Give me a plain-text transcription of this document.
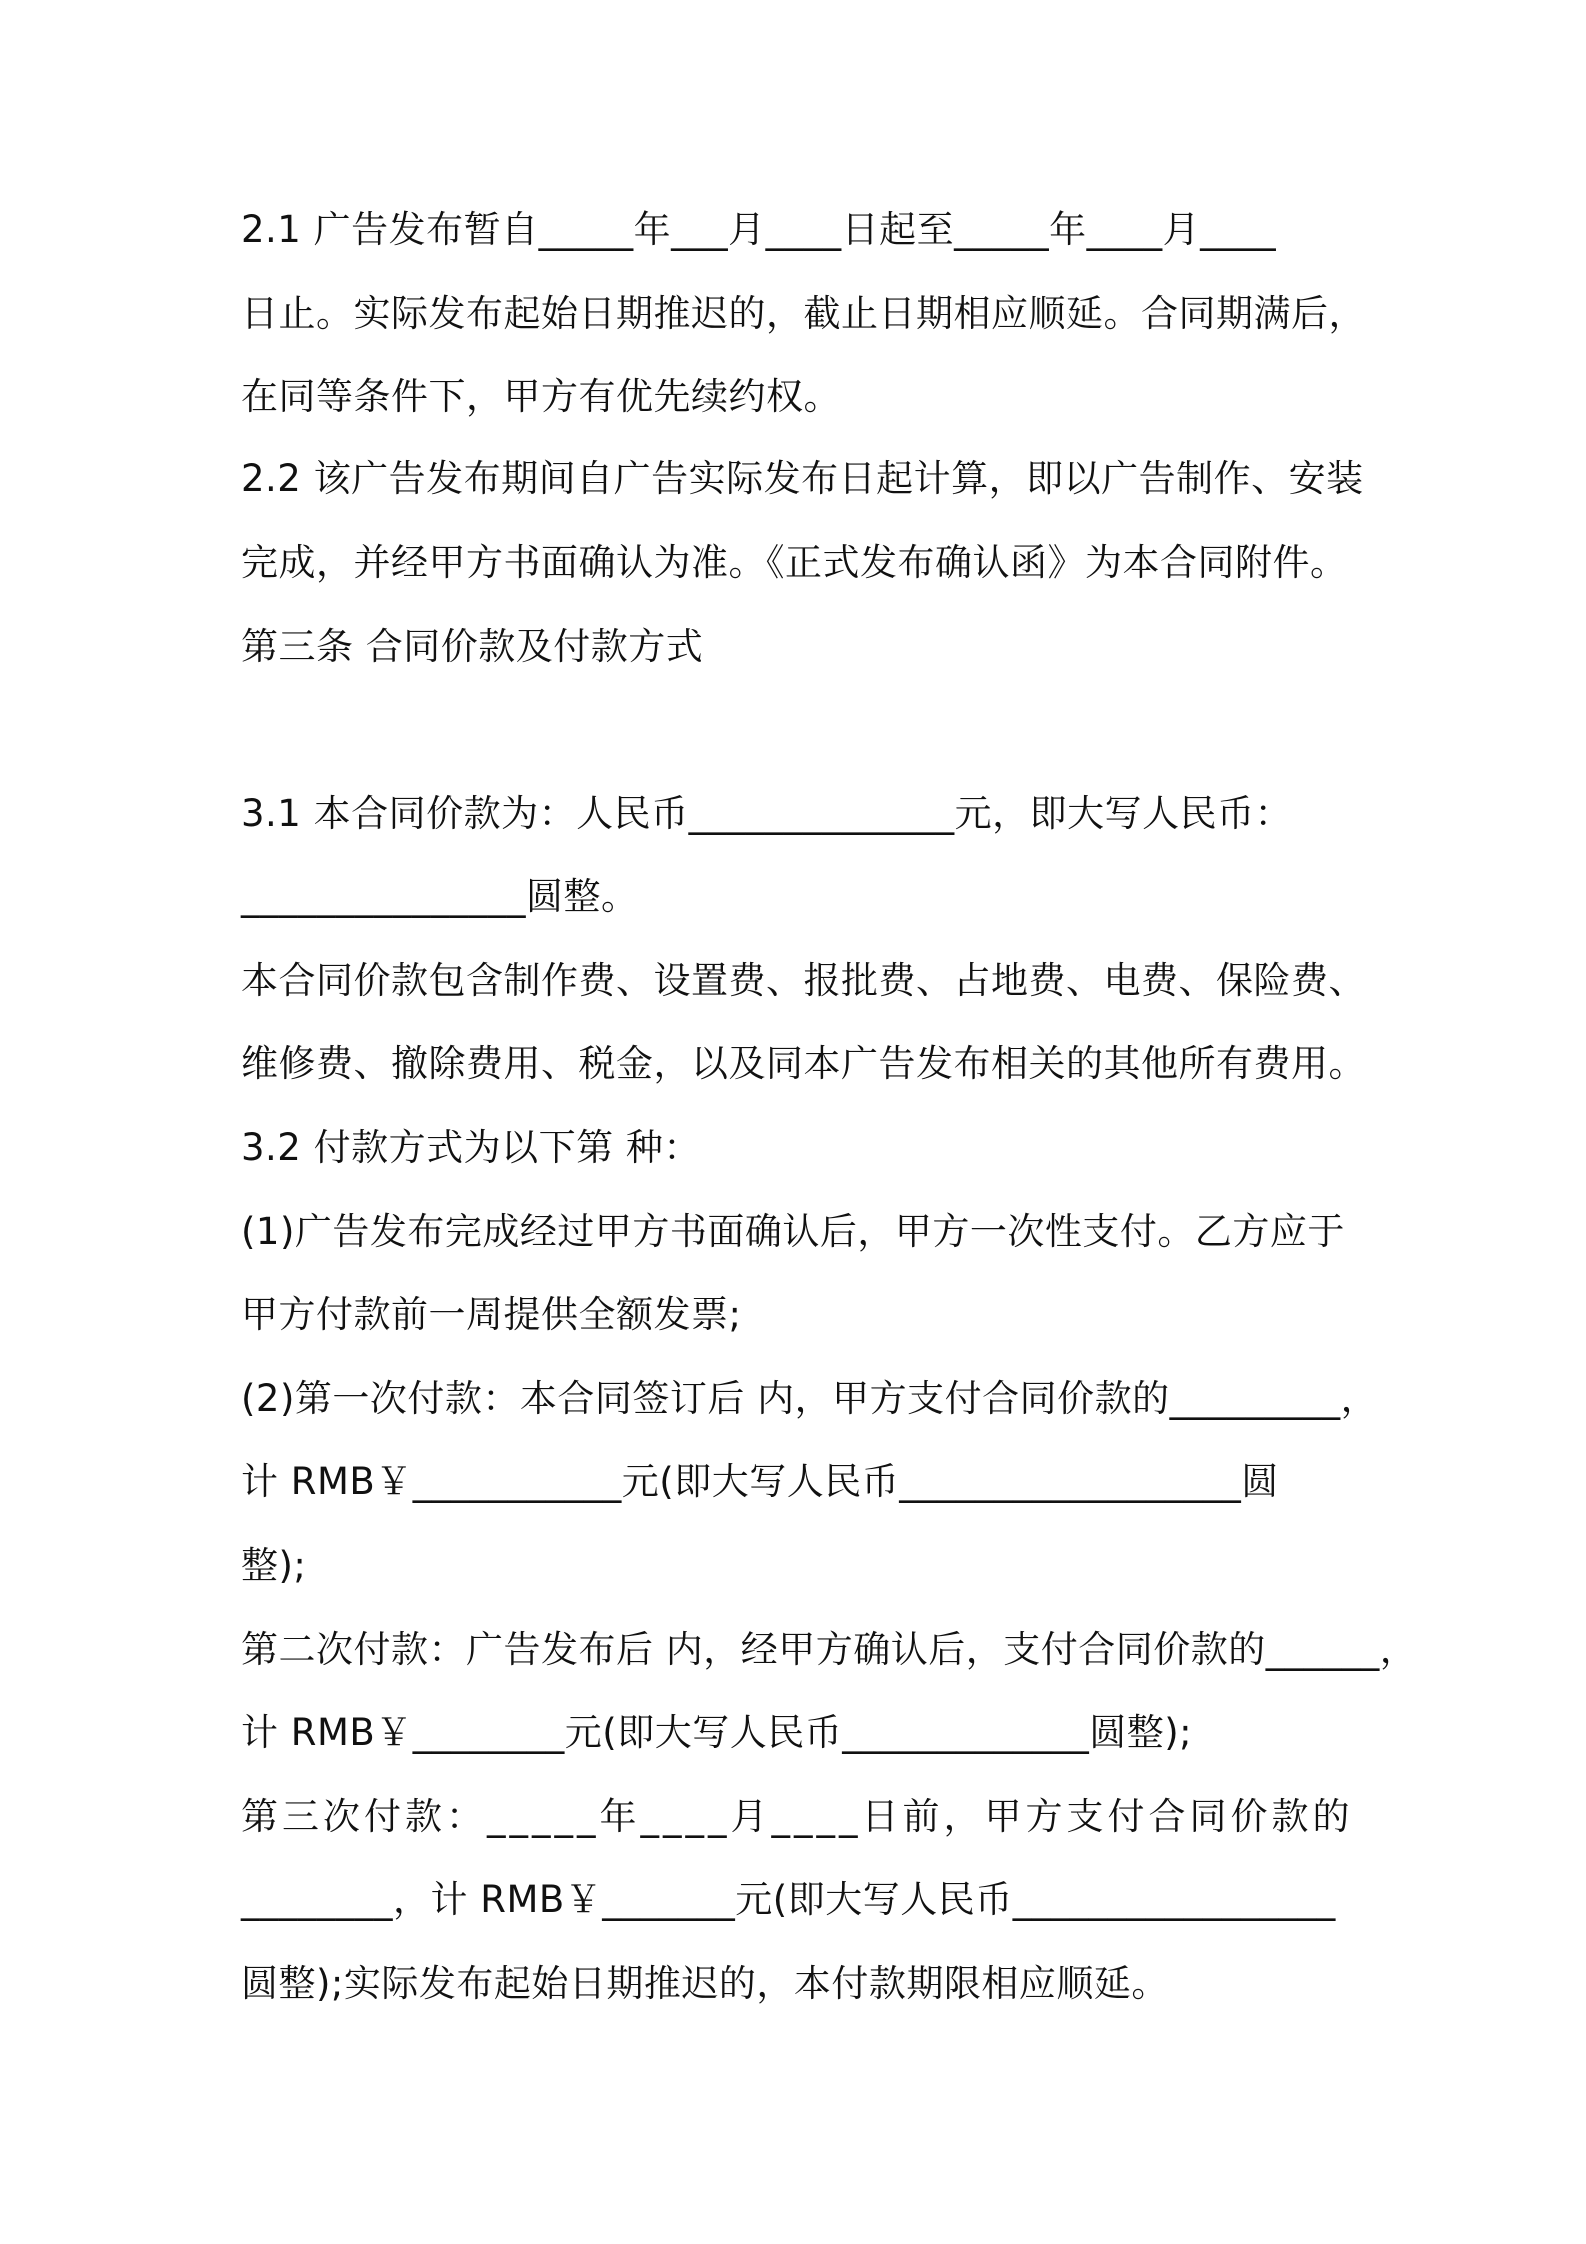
2.1 广告发布暂自_____年___月____日起至_____年____月____
日止。实际发布起始日期推迟的，截止日期相应顺延。合同期满后，
在同等条件下，甲方有优先续约权。
2.2 该广告发布期间自广告实际发布日起计算，即以广告制作、安装
完成，并经甲方书面确认为准。《正式发布确认函》为本合同附件。
第三条 合同价款及付款方式
3.1 本合同价款为：人民币______________元，即大写人民币：
_______________圆整。
本合同价款包含制作费、设置费、报批费、占地费、电费、保险费、
维修费、撤除费用、税金，以及同本广告发布相关的其他所有费用。
3.2 付款方式为以下第 种：
(1)广告发布完成经过甲方书面确认后，甲方一次性支付。乙方应于
甲方付款前一周提供全额发票;
(2)第一次付款：本合同签订后 内，甲方支付合同价款的_________，
计 RMB￥___________元(即大写人民币__________________圆
整);
第二次付款：广告发布后 内，经甲方确认后，支付合同价款的______，
计 RMB￥________元(即大写人民币_____________圆整);
第三次付款：_____年____月____日前，甲方支付合同价款的
________，计 RMB￥_______元(即大写人民币_________________
圆整);实际发布起始日期推迟的，本付款期限相应顺延。
